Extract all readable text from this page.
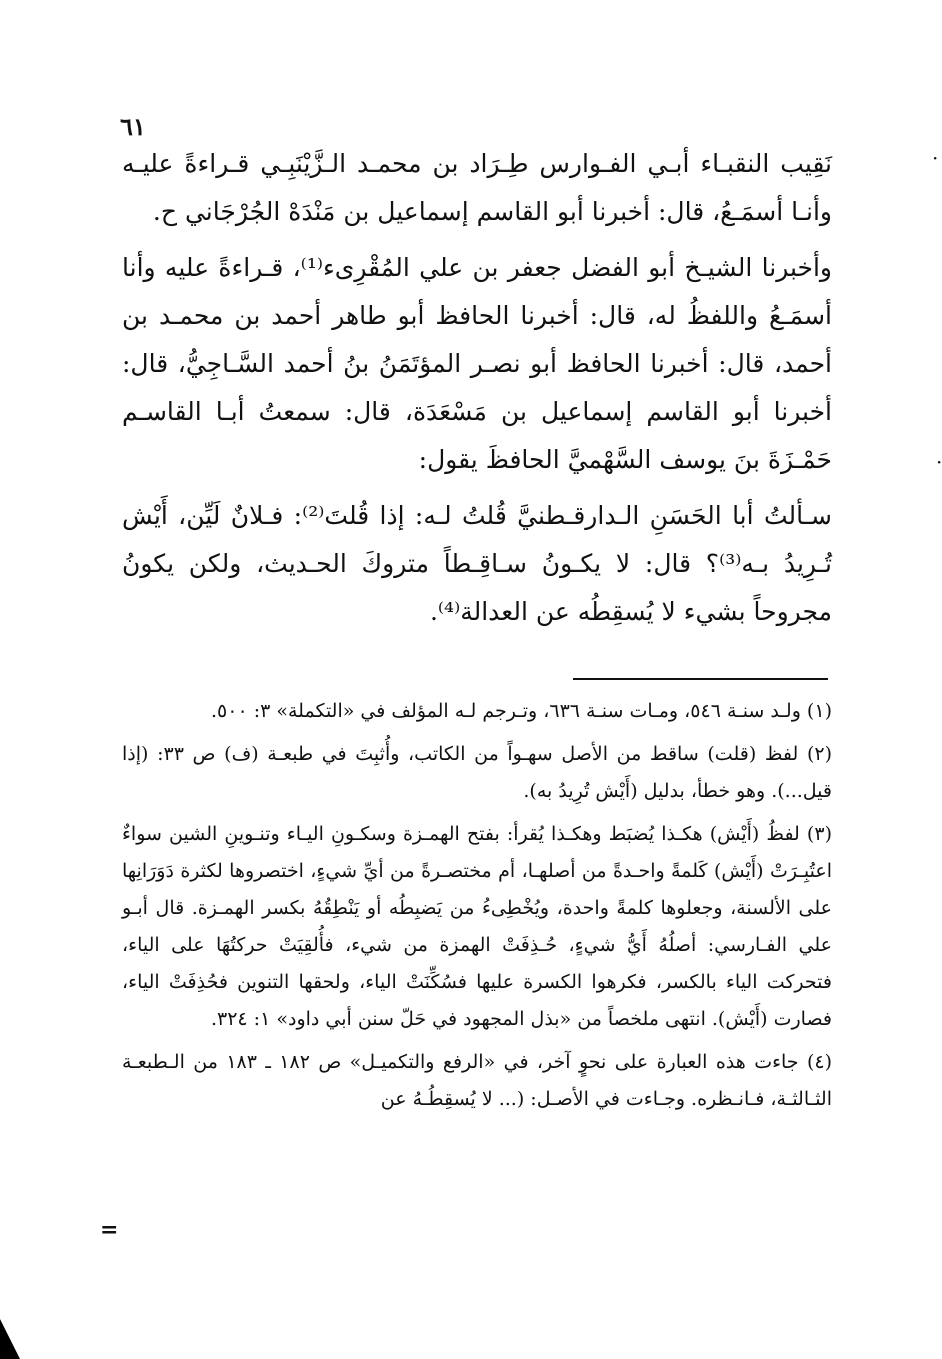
٦١

نَقِيب النقبـاء أبـي الفـوارس طِـرَاد بن محمـد الـزَّيْنَبِـي قـراءةً عليـه وأنـا أسمَـعُ، قال: أخبرنا أبو القاسم إسماعيل بن مَنْدَهْ الجُرْجَاني ح.

وأخبرنا الشيـخ أبو الفضل جعفر بن علي المُقْرِىء⁽¹⁾، قـراءةً عليه وأنا أسمَـعُ واللفظُ له، قال: أخبرنا الحافظ أبو طاهر أحمد بن محمـد بن أحمد، قال: أخبرنا الحافظ أبو نصـر المؤتَمَنُ بنُ أحمد السَّـاجِيُّ، قال: أخبرنا أبو القاسم إسماعيل بن مَسْعَدَة، قال: سمعتُ أبـا القاسـم حَمْـزَةَ بنَ يوسف السَّهْميَّ الحافظَ يقول:

سـألتُ أبا الحَسَنِ الـدارقـطنيَّ قُلتُ لـه: إذا قُلتَ⁽²⁾: فـلانٌ لَيِّن، أَيْش تُـرِيدُ بـه⁽³⁾؟ قال: لا يكـونُ سـاقِـطاً متروكَ الحـديث، ولكن يكونُ مجروحاً بشيء لا يُسقِطُه عن العدالة⁽⁴⁾.

(١) ولـد سنـة ٥٤٦، ومـات سنـة ٦٣٦، وتـرجم لـه المؤلف في «التكملة» ٣: ٥٠٠.

(٢) لفظ (قلت) ساقط من الأصل سهـواً من الكاتب، وأُثبِتَ في طبعـة (ف) ص ٣٣: (إذا قيل...). وهو خطأ، بدليل (أَيْش تُرِيدُ به).

(٣) لفظُ (أَيْش) هكـذا يُضبَط وهكـذا يُقرأ: بفتح الهمـزة وسكـونِ اليـاء وتنـوينِ الشين سواءٌ اعتُبِـرَتْ (أَيْش) كَلمةً واحـدةً من أصلهـا، أم مختصـرةً من أيِّ شيءٍ، اختصروها لكثرة دَوَرَانِها على الألسنة، وجعلوها كلمةً واحدة، ويُخْطِىءُ من يَضبِطُه أو يَنْطِقُهُ بكسر الهمـزة. قال أبـو علي الفـارسي: أصلُهُ أَيُّ شيءٍ، حُـذِفَتْ الهمزة من شيء، فأُلقِيَتْ حركتُهَا على الياء، فتحركت الياء بالكسر، فكرهوا الكسرة عليها فسُكِّنَتْ الياء، ولحقها التنوين فحُذِفَتْ الياء، فصارت (أَيْش). انتهى ملخصاً من «بذل المجهود في حَلّ سنن أبي داود» ١: ٣٢٤.

(٤) جاءت هذه العبارة على نحوٍ آخر، في «الرفع والتكميـل» ص ١٨٢ ـ ١٨٣ من الـطبعـة الثـالثـة، فـانـظره. وجـاءت في الأصـل: (... لا يُسقِطُـهُ عن

=
·
·
